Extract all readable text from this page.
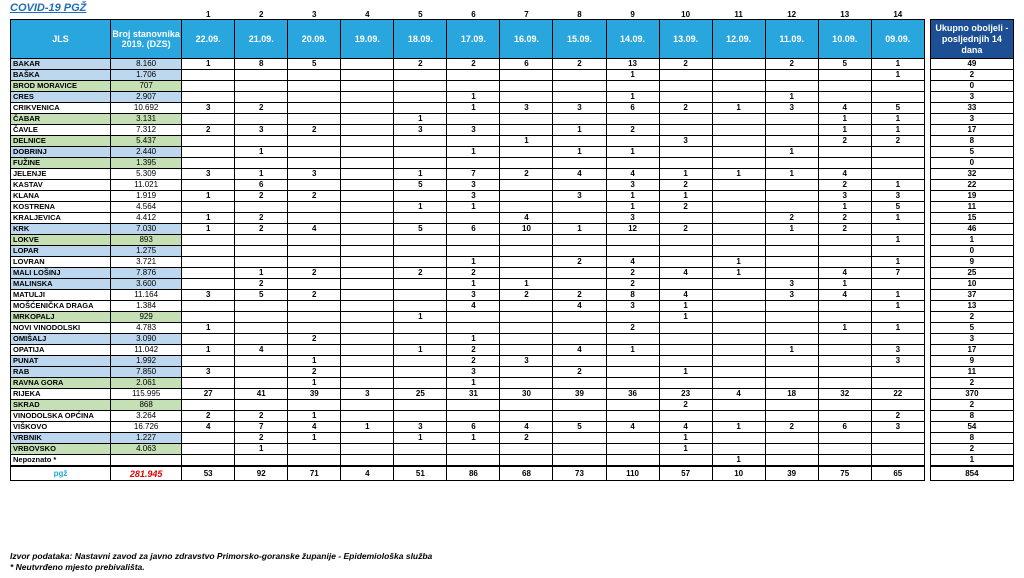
COVID-19 PGŽ
		1	2	3	4	5	6	7	8	9	10	11	12	13	14		
JLS	Broj stanovnika 2019. (DZS)	22.09.	21.09.	20.09.	19.09.	18.09.	17.09.	16.09.	15.09.	14.09.	13.09.	12.09.	11.09.	10.09.	09.09.		Ukupno oboljeli - posljednjih 14 dana
BAKAR	8.160	1	8	5		2	2	6	2	13	2		2	5	1		49
BAŠKA	1.706									1					1		2
BROD MORAVICE	707																0
CRES	2.907						1			1			1				3
CRIKVENICA	10.692	3	2				1	3	3	6	2	1	3	4	5		33
ČABAR	3.131					1								1	1		3
ČAVLE	7.312	2	3	2		3	3		1	2				1	1		17
DELNICE	5.437							1			3			2	2		8
DOBRINJ	2.440		1				1		1	1			1				5
FUŽINE	1.395																0
JELENJE	5.309	3	1	3		1	7	2	4	4	1	1	1	4			32
KASTAV	11.021		6			5	3			3	2			2	1		22
KLANA	1.919	1	2	2			3		3	1	1			3	3		19
KOSTRENA	4.564					1	1			1	2			1	5		11
KRALJEVICA	4.412	1	2					4		3			2	2	1		15
KRK	7.030	1	2	4		5	6	10	1	12	2		1	2			46
LOKVE	893														1		1
LOPAR	1.275																0
LOVRAN	3.721						1		2	4		1			1		9
MALI LOŠINJ	7.876		1	2		2	2			2	4	1		4	7		25
MALINSKA	3.600		2				1	1		2			3	1			10
MATULJI	11.164	3	5	2			3	2	2	8	4		3	4	1		37
MOŠĆENIČKA DRAGA	1.384						4		4	3	1				1		13
MRKOPALJ	929					1					1						2
NOVI VINODOLSKI	4.783	1								2				1	1		5
OMIŠALJ	3.090			2			1										3
OPATIJA	11.042	1	4			1	2		4	1			1		3		17
PUNAT	1.992			1			2	3							3		9
RAB	7.850	3		2			3		2		1						11
RAVNA GORA	2.061			1			1										2
RIJEKA	115.995	27	41	39	3	25	31	30	39	36	23	4	18	32	22		370
SKRAD	868										2						2
VINODOLSKA OPĆINA	3.264	2	2	1											2		8
VIŠKOVO	16.726	4	7	4	1	3	6	4	5	4	4	1	2	6	3		54
VRBNIK	1.227		2	1		1	1	2			1						8
VRBOVSKO	4.063		1								1						2
Nepoznato *												1					1
pgž	281.945	53	92	71	4	51	86	68	73	110	57	10	39	75	65		854
Izvor podataka: Nastavni zavod za javno zdravstvo Primorsko-goranske županije - Epidemiološka služba
* Neutvrđeno mjesto prebivališta.
